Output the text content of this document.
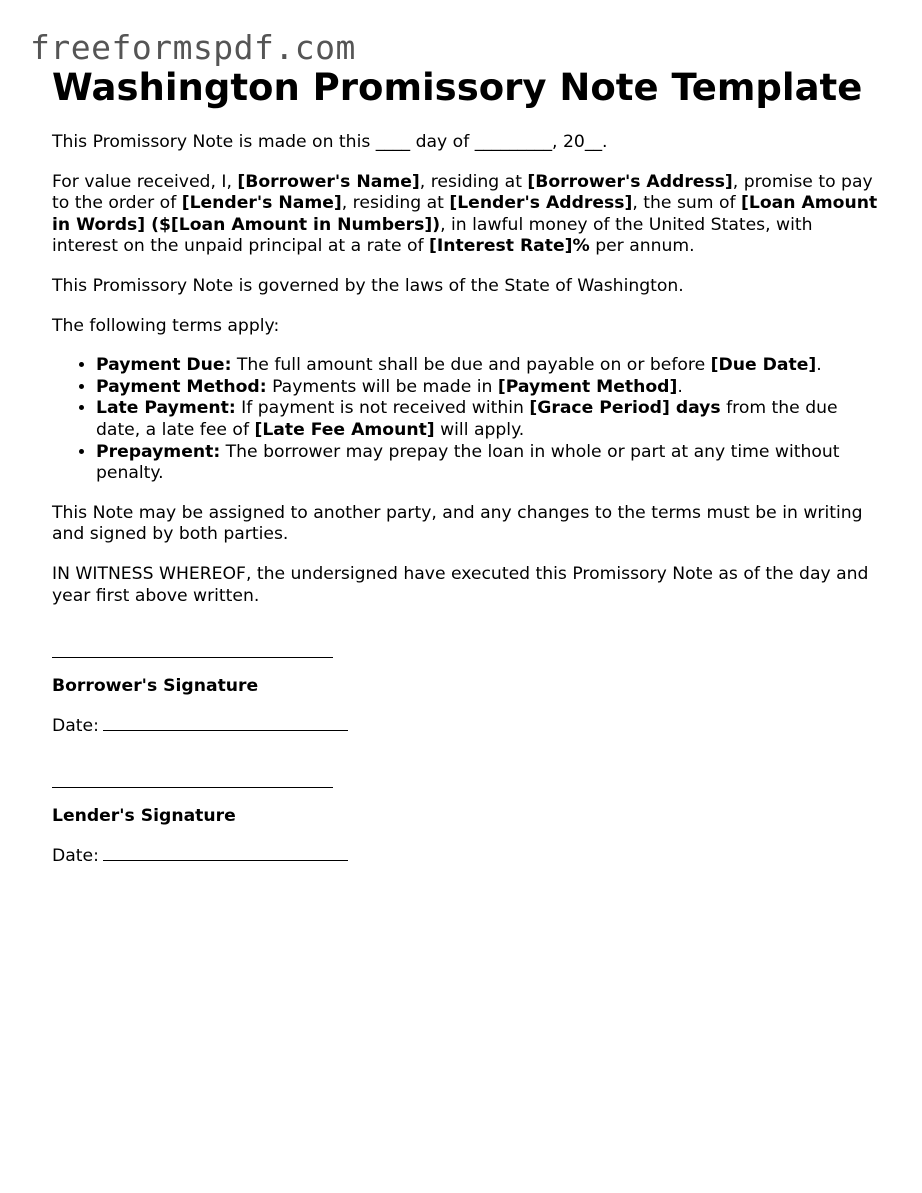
freeformspdf.com
Washington Promissory Note Template

This Promissory Note is made on this ____ day of _________, 20__.

For value received, I, [Borrower's Name], residing at [Borrower's Address], promise to pay to the order of [Lender's Name], residing at [Lender's Address], the sum of [Loan Amount in Words] ($[Loan Amount in Numbers]), in lawful money of the United States, with interest on the unpaid principal at a rate of [Interest Rate]% per annum.

This Promissory Note is governed by the laws of the State of Washington.

The following terms apply:

• Payment Due: The full amount shall be due and payable on or before [Due Date].
• Payment Method: Payments will be made in [Payment Method].
• Late Payment: If payment is not received within [Grace Period] days from the due date, a late fee of [Late Fee Amount] will apply.
• Prepayment: The borrower may prepay the loan in whole or part at any time without penalty.

This Note may be assigned to another party, and any changes to the terms must be in writing and signed by both parties.

IN WITNESS WHEREOF, the undersigned have executed this Promissory Note as of the day and year first above written.

Borrower's Signature

Date:

Lender's Signature

Date:
